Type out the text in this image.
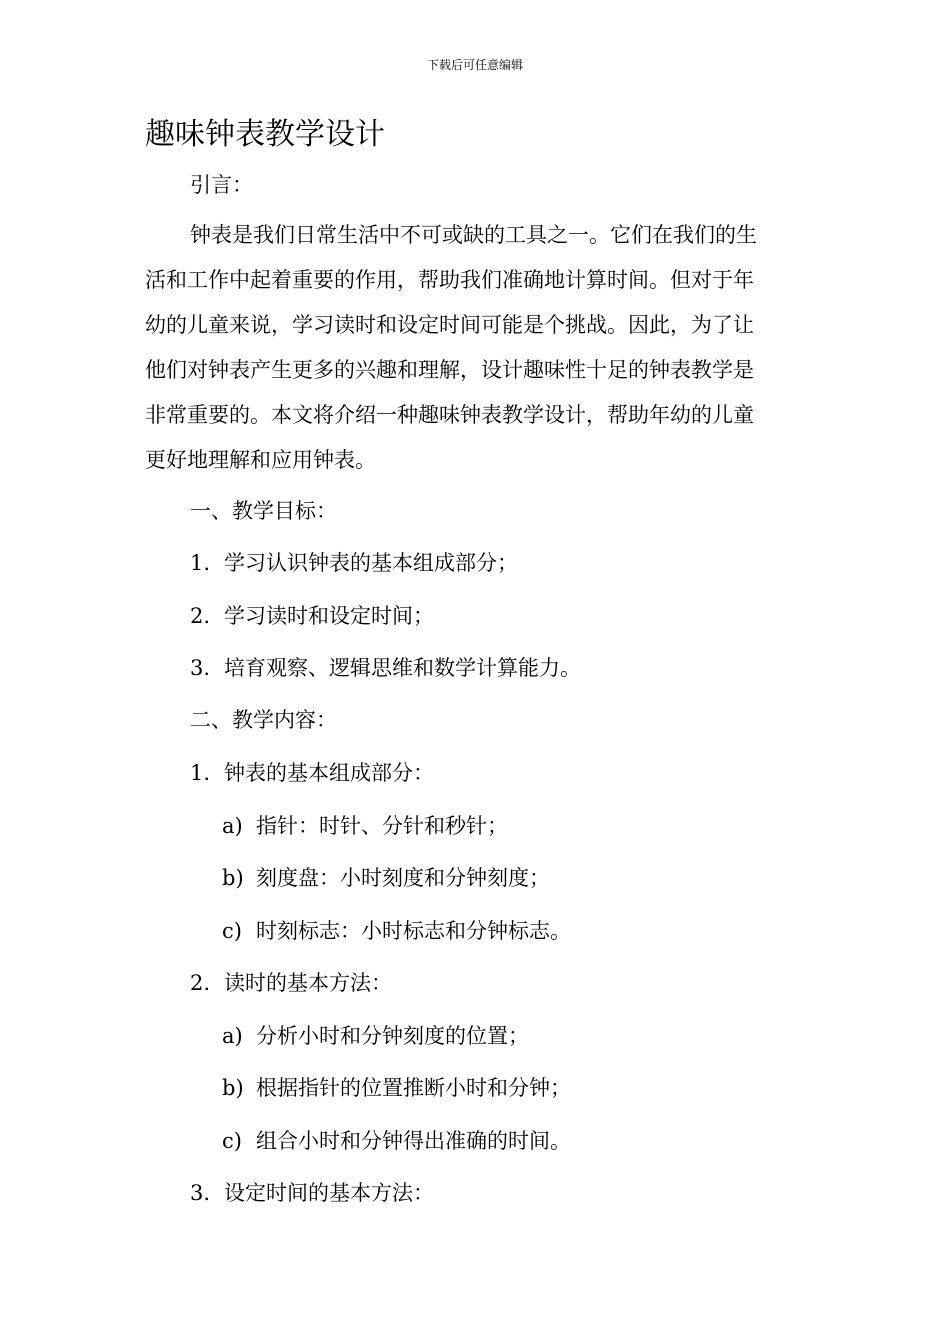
下载后可任意编辑
趣味钟表教学设计
引言：
钟表是我们日常生活中不可或缺的工具之一。它们在我们的生
活和工作中起着重要的作用，帮助我们准确地计算时间。但对于年
幼的儿童来说，学习读时和设定时间可能是个挑战。因此，为了让
他们对钟表产生更多的兴趣和理解，设计趣味性十足的钟表教学是
非常重要的。本文将介绍一种趣味钟表教学设计，帮助年幼的儿童
更好地理解和应用钟表。
一、教学目标：
1. 学习认识钟表的基本组成部分；
2. 学习读时和设定时间；
3. 培育观察、逻辑思维和数学计算能力。
二、教学内容：
1. 钟表的基本组成部分：
a) 指针：时针、分针和秒针；
b) 刻度盘：小时刻度和分钟刻度；
c) 时刻标志：小时标志和分钟标志。
2. 读时的基本方法：
a) 分析小时和分钟刻度的位置；
b) 根据指针的位置推断小时和分钟；
c) 组合小时和分钟得出准确的时间。
3. 设定时间的基本方法：
